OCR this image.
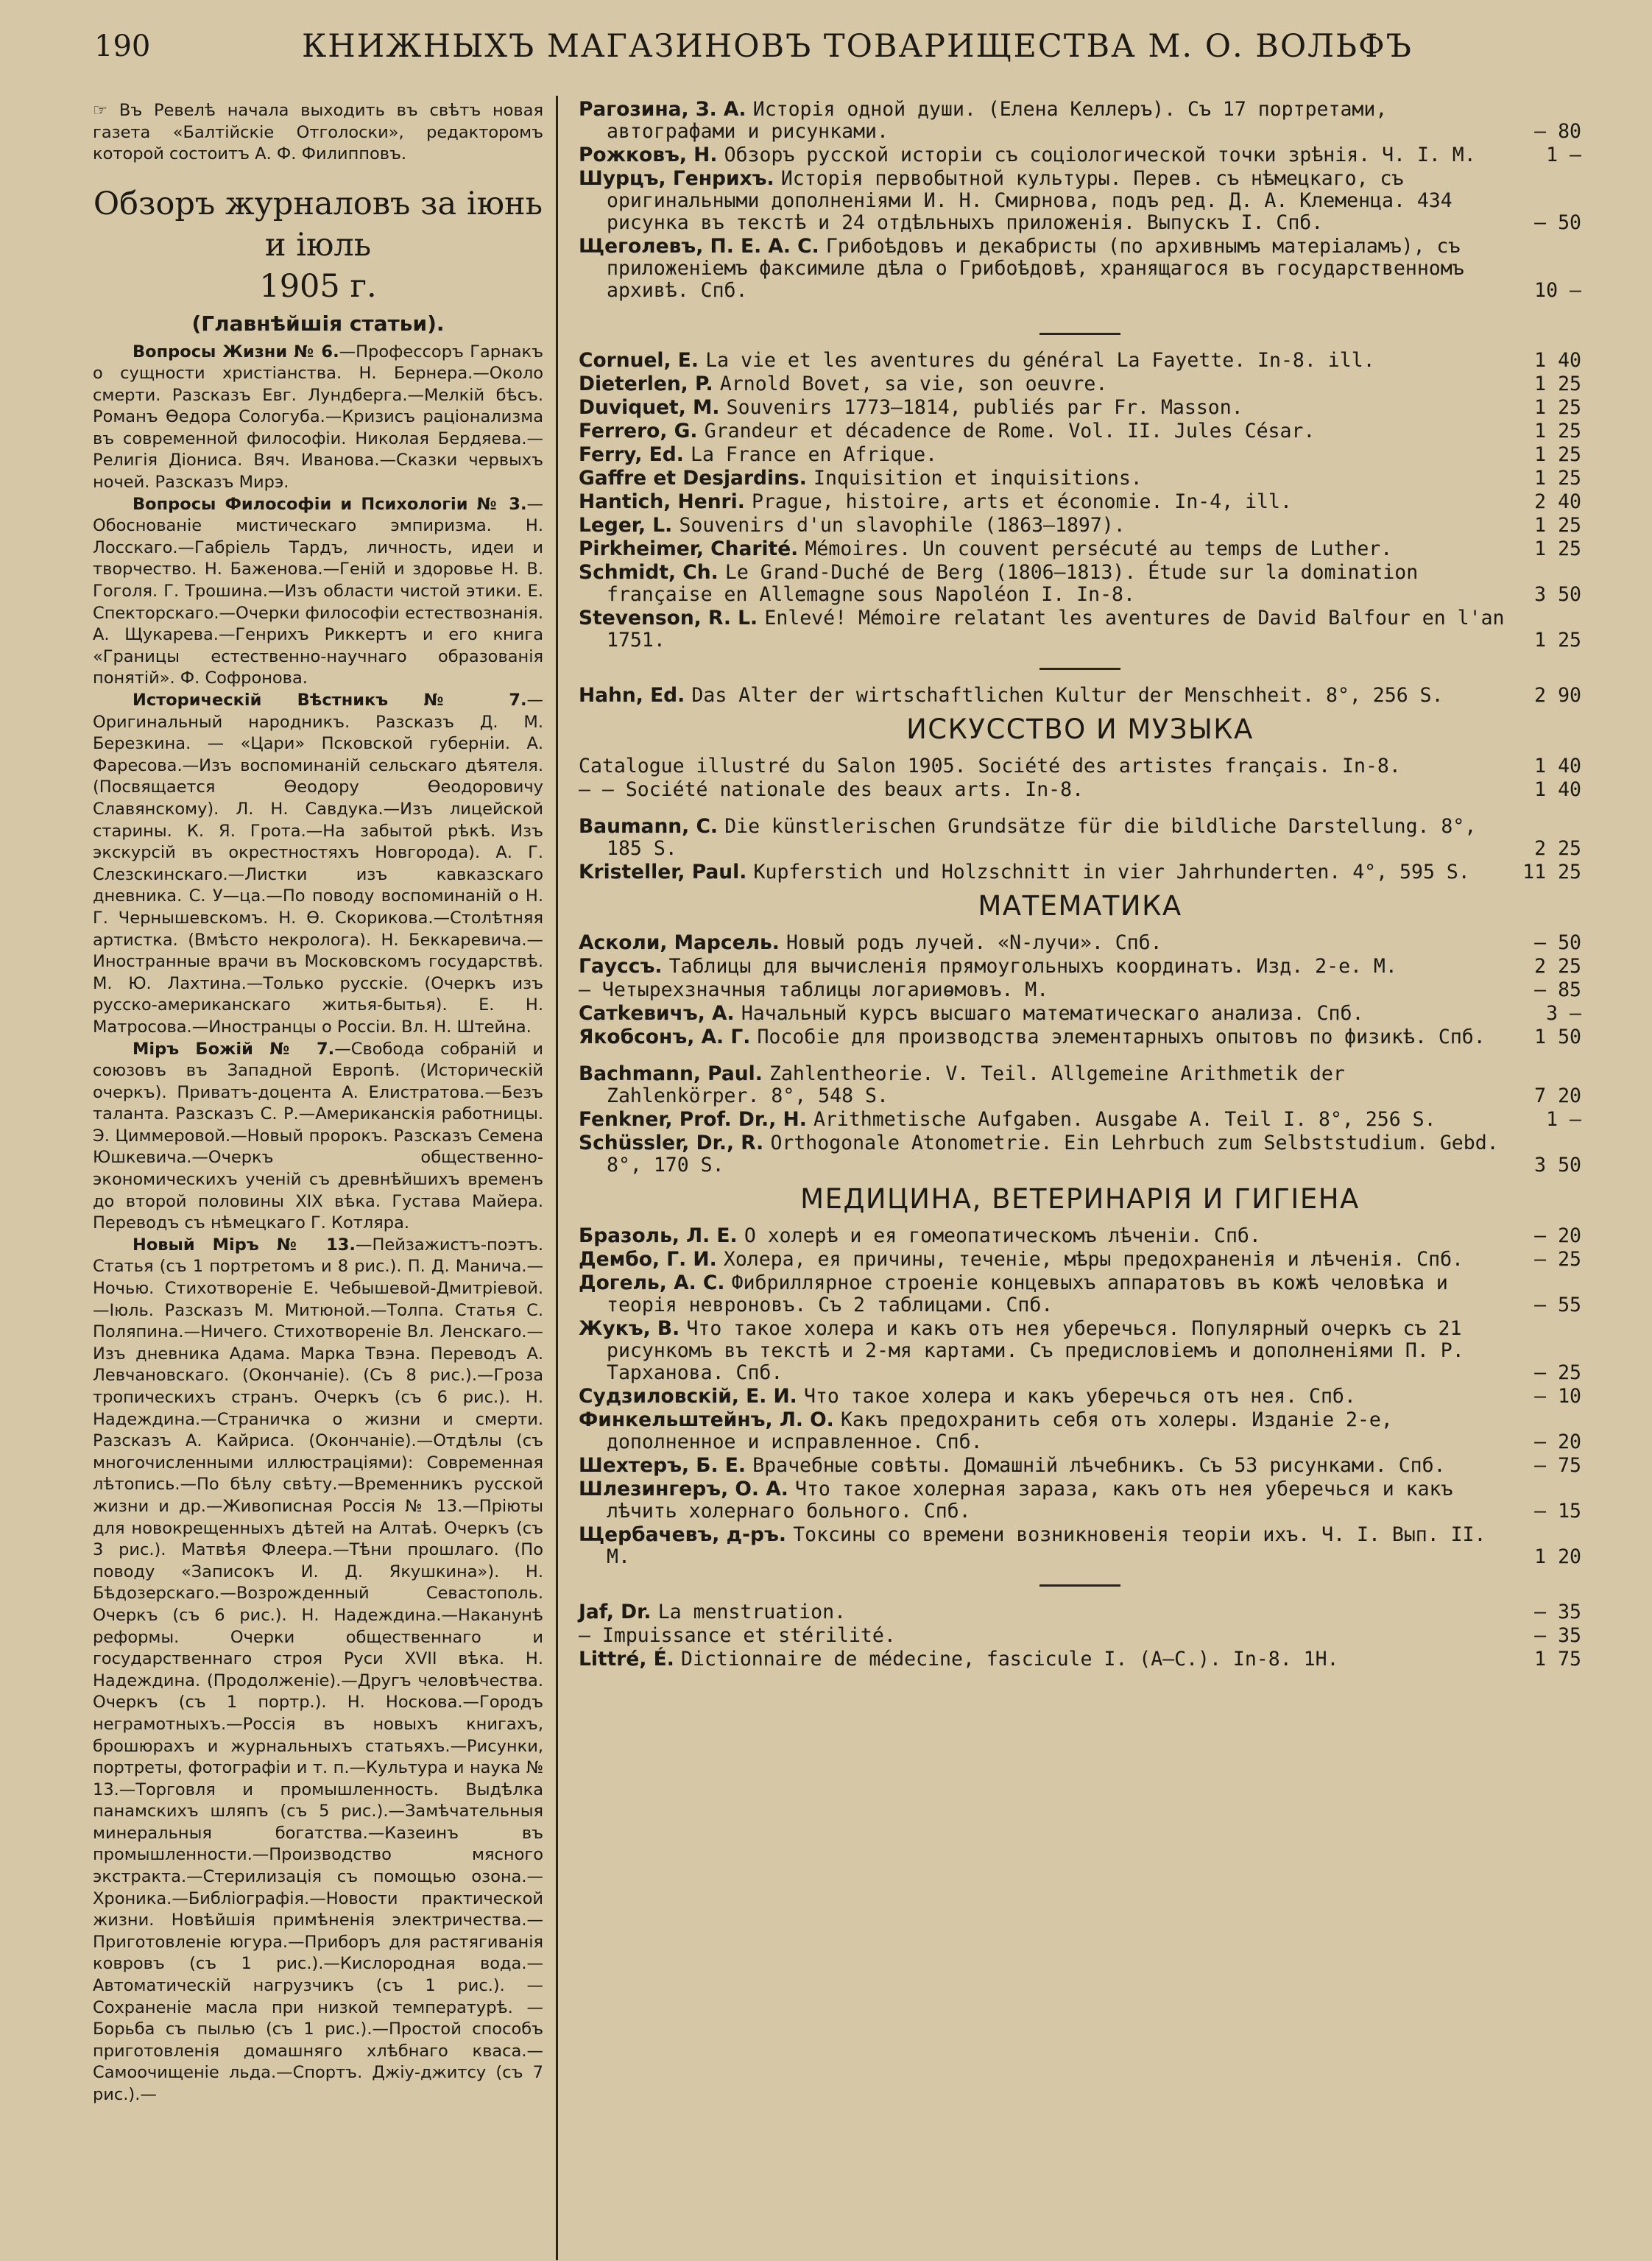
190	КНИЖНЫХЪ МАГАЗИНОВЪ ТОВАРИЩЕСТВА М. О. ВОЛЬФЪ

☞ Въ Ревелѣ начала выходить въ свѣтъ новая газета «Балтійскіе Отголоски», редакторомъ которой состоитъ А. Ф. Филипповъ.

Обзоръ журналовъ за іюнь и іюль
1905 г.
(Главнѣйшія статьи).

Вопросы Жизни № 6.—Профессоръ Гарнакъ о сущности христіанства. Н. Бернера.—Около смерти. Разсказъ Евг. Лундберга.—Мелкій бѣсъ. Романъ Ѳедора Сологуба.—Кризисъ раціонализма въ современной философіи. Николая Бердяева.—Религія Діониса. Вяч. Иванова.—Сказки червыхъ ночей. Разсказъ Мирэ.

Вопросы Философіи и Психологіи № 3.—Обоснованіе мистическаго эмпиризма. Н. Лосскаго.—Габріель Тардъ, личность, идеи и творчество. Н. Баженова.—Геній и здоровье Н. В. Гоголя. Г. Трошина.—Изъ области чистой этики. Е. Спекторскаго.—Очерки философіи естествознанія. А. Щукарева.—Генрихъ Риккертъ и его книга «Границы естественно-научнаго образованія понятій». Ф. Софронова.

Историческій Вѣстникъ № 7.—Оригинальный народникъ. Разсказъ Д. М. Березкина. — «Цари» Псковской губерніи. А. Фаресова.—Изъ воспоминаній сельскаго дѣятеля. (Посвящается Ѳеодору Ѳеодоровичу Славянскому). Л. Н. Савдука.—Изъ лицейской старины. К. Я. Грота.—На забытой рѣкѣ. Изъ экскурсій въ окрестностяхъ Новгорода). А. Г. Слезскинскаго.—Листки изъ кавказскаго дневника. С. У—ца.—По поводу воспоминаній о Н. Г. Чернышевскомъ. Н. Ѳ. Скорикова.—Столѣтняя артистка. (Вмѣсто некролога). Н. Беккаревича.—Иностранные врачи въ Московскомъ государствѣ. М. Ю. Лахтина.—Только русскіе. (Очеркъ изъ русско-американскаго житья-бытья). Е. Н. Матросова.—Иностранцы о Россіи. Вл. Н. Штейна.

Міръ Божій № 7.—Свобода собраній и союзовъ въ Западной Европѣ. (Историческій очеркъ). Приватъ-доцента А. Елистратова.—Безъ таланта. Разсказъ С. Р.—Американскія работницы. Э. Циммеровой.—Новый пророкъ. Разсказъ Семена Юшкевича.—Очеркъ общественно-экономическихъ ученій съ древнѣйшихъ временъ до второй половины XIX вѣка. Густава Майера. Переводъ съ нѣмецкаго Г. Котляра.

Новый Міръ № 13.—Пейзажистъ-поэтъ. Статья (съ 1 портретомъ и 8 рис.). П. Д. Манича.—Ночью. Стихотвореніе Е. Чебышевой-Дмитріевой.—Іюль. Разсказъ М. Митюной.—Толпа. Статья С. Поляпина.—Ничего. Стихотвореніе Вл. Ленскаго.—Изъ дневника Адама. Марка Твэна. Переводъ А. Левчановскаго. (Окончаніе). (Съ 8 рис.).—Гроза тропическихъ странъ. Очеркъ (съ 6 рис.). Н. Надеждина.—Страничка о жизни и смерти. Разсказъ А. Кайриса. (Окончаніе).—Отдѣлы (съ многочисленными иллюстраціями): Современная лѣтопись.—По бѣлу свѣту.—Временникъ русской жизни и др.—Живописная Россія № 13.—Пріюты для новокрещенныхъ дѣтей на Алтаѣ. Очеркъ (съ 3 рис.). Матвѣя Флеера.—Тѣни прошлаго. (По поводу «Записокъ И. Д. Якушкина»). Н. Бѣдозерскаго.—Возрожденный Севастополь. Очеркъ (съ 6 рис.). Н. Надеждина.—Наканунѣ реформы. Очерки общественнаго и государственнаго строя Руси XVII вѣка. Н. Надеждина. (Продолженіе).—Другъ человѣчества. Очеркъ (съ 1 портр.). Н. Носкова.—Городъ неграмотныхъ.—Россія въ новыхъ книгахъ, брошюрахъ и журнальныхъ статьяхъ.—Рисунки, портреты, фотографіи и т. п.—Культура и наука № 13.—Торговля и промышленность. Выдѣлка панамскихъ шляпъ (съ 5 рис.).—Замѣчательныя минеральныя богатства.—Казеинъ въ промышленности.—Производство мясного экстракта.—Стерилизація съ помощью озона.—Хроника.—Библіографія.—Новости практической жизни. Новѣйшія примѣненія электричества.—Приготовленіе югура.—Приборъ для растягиванія ковровъ (съ 1 рис.).—Кислородная вода.—Автоматическій нагрузчикъ (съ 1 рис.). — Сохраненіе масла при низкой температурѣ. — Борьба съ пылью (съ 1 рис.).—Простой способъ приготовленія домашняго хлѣбнаго кваса.—Самоочищеніе льда.—Спортъ. Джіу-джитсу (съ 7 рис.).—

Рагозина, З. А. Исторія одной души. (Елена Келлеръ). Съ 17 портретами, автографами и рисунками.	— 80
Рожковъ, Н. Обзоръ русской исторіи съ соціологической точки зрѣнія. Ч. I. М.	1 —
Шурцъ, Генрихъ. Исторія первобытной культуры. Перев. съ нѣмецкаго, съ оригинальными дополненіями И. Н. Смирнова, подъ ред. Д. А. Клеменца. 434 рисунка въ текстѣ и 24 отдѣльныхъ приложенія. Выпускъ I. Спб.	— 50
Щеголевъ, П. Е. А. С. Грибоѣдовъ и декабристы (по архивнымъ матеріаламъ), съ приложеніемъ факсимиле дѣла о Грибоѣдовѣ, хранящагося въ государственномъ архивѣ. Спб.	10 —
Cornuel, E. La vie et les aventures du général La Fayette. In-8. ill.	1 40
Dieterlen, P. Arnold Bovet, sa vie, son oeuvre.	1 25
Duviquet, M. Souvenirs 1773—1814, publiés par Fr. Masson.	1 25
Ferrero, G. Grandeur et décadence de Rome. Vol. II. Jules César.	1 25
Ferry, Ed. La France en Afrique.	1 25
Gaffre et Desjardins. Inquisition et inquisitions.	1 25
Hantich, Henri. Prague, histoire, arts et économie. In-4, ill.	2 40
Leger, L. Souvenirs d'un slavophile (1863—1897).	1 25
Pirkheimer, Charité. Mémoires. Un couvent persécuté au temps de Luther.	1 25
Schmidt, Ch. Le Grand-Duché de Berg (1806—1813). Étude sur la domination française en Allemagne sous Napoléon I. In-8.	3 50
Stevenson, R. L. Enlevé! Mémoire relatant les aventures de David Balfour en l'an 1751.	1 25
Hahn, Ed. Das Alter der wirtschaftlichen Kultur der Menschheit. 8°, 256 S.	2 90
ИСКУССТВО И МУЗЫКА
Catalogue illustré du Salon 1905. Société des artistes français. In-8.	1 40
— — Société nationale des beaux arts. In-8.	1 40
Baumann, C. Die künstlerischen Grundsätze für die bildliche Darstellung. 8°, 185 S.	2 25
Kristeller, Paul. Kupferstich und Holzschnitt in vier Jahrhunderten. 4°, 595 S.	11 25
МАТЕМАТИКА
Асколи, Марсель. Новый родъ лучей. «N-лучи». Спб.	— 50
Гауссъ. Таблицы для вычисленія прямоугольныхъ координатъ. Изд. 2-е. М.	2 25
— Четырехзначныя таблицы логариѳмовъ. М.	— 85
Сатkевичъ, А. Начальный курсъ высшаго математическаго анализа. Спб.	3 —
Якобсонъ, А. Г. Пособіе для производства элементарныхъ опытовъ по физикѣ. Спб.	1 50
Bachmann, Paul. Zahlentheorie. V. Teil. Allgemeine Arithmetik der Zahlenkörper. 8°, 548 S.	7 20
Fenkner, Prof. Dr., H. Arithmetische Aufgaben. Ausgabe A. Teil I. 8°, 256 S.	1 —
Schüssler, Dr., R. Orthogonale Atonometrie. Ein Lehrbuch zum Selbststudium. Gebd. 8°, 170 S.	3 50
МЕДИЦИНА, ВЕТЕРИНАРІЯ И ГИГІЕНА
Бразоль, Л. Е. О холерѣ и ея гомеопатическомъ лѣченіи. Спб.	— 20
Дембо, Г. И. Холера, ея причины, теченіе, мѣры предохраненія и лѣченія. Спб.	— 25
Догель, А. С. Фибриллярное строеніе концевыхъ аппаратовъ въ кожѣ человѣка и теорія невроновъ. Съ 2 таблицами. Спб.	— 55
Жукъ, В. Что такое холера и какъ отъ нея уберечься. Популярный очеркъ съ 21 рисункомъ въ текстѣ и 2-мя картами. Съ предисловіемъ и дополненіями П. Р. Тарханова. Спб.	— 25
Судзиловскій, Е. И. Что такое холера и какъ уберечься отъ нея. Спб.	— 10
Финкельштейнъ, Л. О. Какъ предохранить себя отъ холеры. Изданіе 2-е, дополненное и исправленное. Спб.	— 20
Шехтеръ, Б. Е. Врачебные совѣты. Домашній лѣчебникъ. Съ 53 рисунками. Спб.	— 75
Шлезингеръ, О. А. Что такое холерная зараза, какъ отъ нея уберечься и какъ лѣчить холернаго больного. Спб.	— 15
Щербачевъ, д-ръ. Токсины со времени возникновенія теоріи ихъ. Ч. I. Вып. II. М.	1 20
Jaf, Dr. La menstruation.	— 35
— Impuissance et stérilité.	— 35
Littré, É. Dictionnaire de médecine, fascicule I. (A—C.). In-8. 1H.	1 75
